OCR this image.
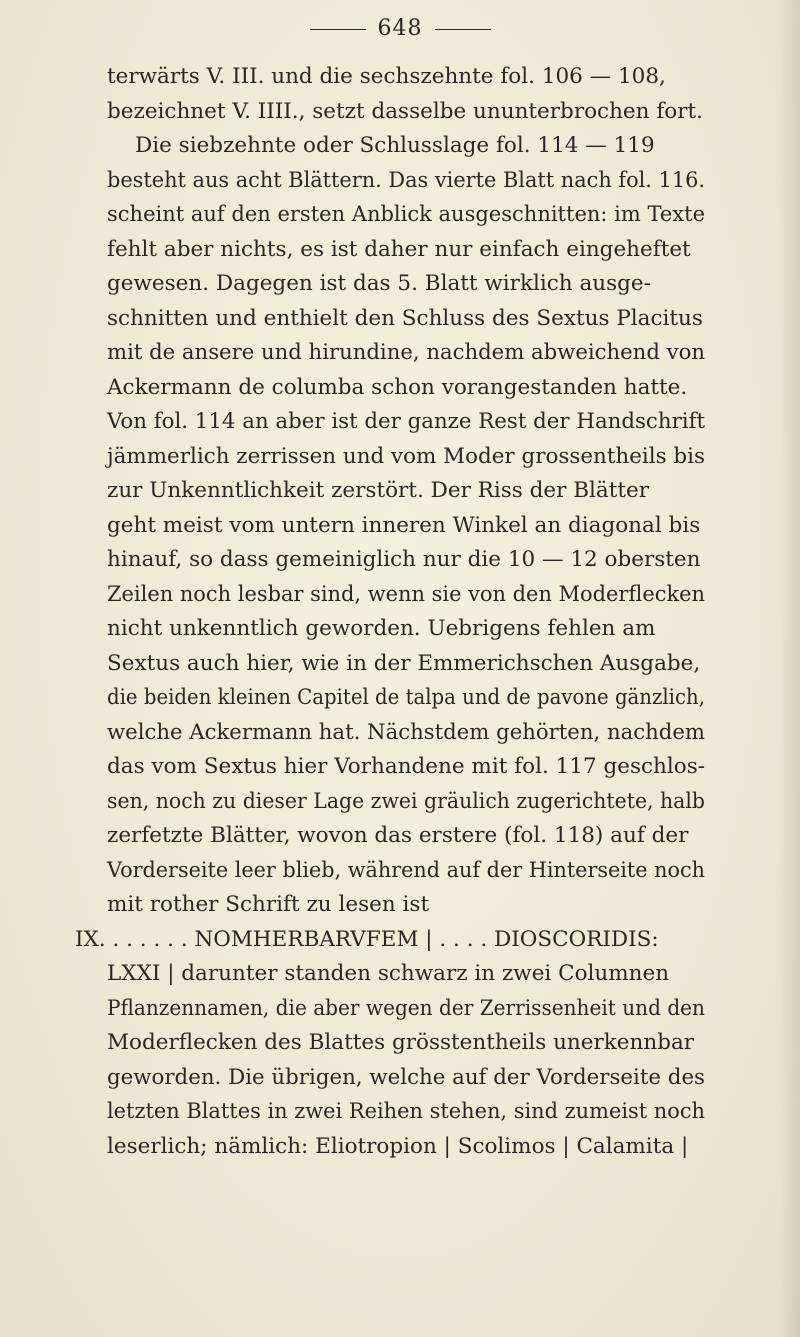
648
terwärts V. III. und die sechszehnte fol. 106 — 108,
bezeichnet V. IIII., setzt dasselbe ununterbrochen fort.
Die siebzehnte oder Schlusslage fol. 114 — 119
besteht aus acht Blättern. Das vierte Blatt nach fol. 116.
scheint auf den ersten Anblick ausgeschnitten: im Texte
fehlt aber nichts, es ist daher nur einfach eingeheftet
gewesen. Dagegen ist das 5. Blatt wirklich ausge-
schnitten und enthielt den Schluss des Sextus Placitus
mit de ansere und hirundine, nachdem abweichend von
Ackermann de columba schon vorangestanden hatte.
Von fol. 114 an aber ist der ganze Rest der Handschrift
jämmerlich zerrissen und vom Moder grossentheils bis
zur Unkenntlichkeit zerstört. Der Riss der Blätter
geht meist vom untern inneren Winkel an diagonal bis
hinauf, so dass gemeiniglich nur die 10 — 12 obersten
Zeilen noch lesbar sind, wenn sie von den Moderflecken
nicht unkenntlich geworden. Uebrigens fehlen am
Sextus auch hier, wie in der Emmerichschen Ausgabe,
die beiden kleinen Capitel de talpa und de pavone gänzlich,
welche Ackermann hat. Nächstdem gehörten, nachdem
das vom Sextus hier Vorhandene mit fol. 117 geschlos-
sen, noch zu dieser Lage zwei gräulich zugerichtete, halb
zerfetzte Blätter, wovon das erstere (fol. 118) auf der
Vorderseite leer blieb, während auf der Hinterseite noch
mit rother Schrift zu lesen ist
IX. . . . . . . NOMHERBARVFEM | . . . . DIOSCORIDIS:
LXXI | darunter standen schwarz in zwei Columnen
Pflanzennamen, die aber wegen der Zerrissenheit und den
Moderflecken des Blattes grösstentheils unerkennbar
geworden. Die übrigen, welche auf der Vorderseite des
letzten Blattes in zwei Reihen stehen, sind zumeist noch
leserlich; nämlich: Eliotropion | Scolimos | Calamita |
